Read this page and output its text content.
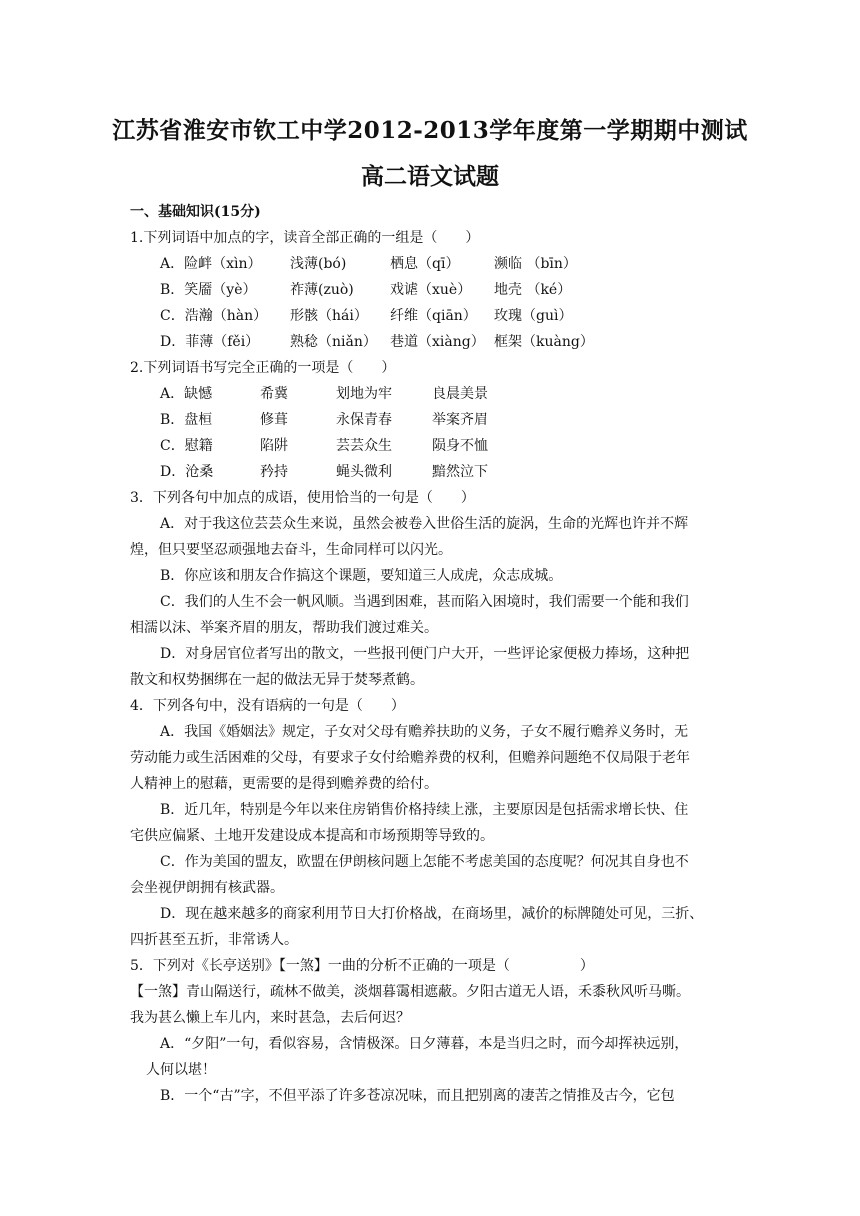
江苏省淮安市钦工中学2012-2013学年度第一学期期中测试
高二语文试题
一、基础知识(15分)
1.下列词语中加点的字，读音全部正确的一组是（　　）
A．险衅（xìn） 浅薄(bó)	栖息（qī） 濒临 （bīn）
B．笑靥（yè） 祚薄(zuò)	戏谑（xuè） 地壳 （ké）
C．浩瀚（hàn） 形骸（hái） 纤维（qiān） 玫瑰（guì）
D．菲薄（fěi） 熟稔（niǎn） 巷道（xiàng） 框架（kuàng）
2.下列词语书写完全正确的一项是（　　）
A．缺憾	希冀	划地为牢	良晨美景
B．盘桓	修葺	永保青春	举案齐眉
C．慰籍	陷阱	芸芸众生	陨身不恤
D．沧桑	矜持	蝇头微利	黯然泣下
3．下列各句中加点的成语，使用恰当的一句是（　　）
A．对于我这位芸芸众生来说，虽然会被卷入世俗生活的旋涡，生命的光辉也许并不辉
煌，但只要坚忍顽强地去奋斗，生命同样可以闪光。
B．你应该和朋友合作搞这个课题，要知道三人成虎，众志成城。
C．我们的人生不会一帆风顺。当遇到困难，甚而陷入困境时，我们需要一个能和我们
相濡以沫、举案齐眉的朋友，帮助我们渡过难关。
D．对身居官位者写出的散文，一些报刊便门户大开，一些评论家便极力捧场，这种把
散文和权势捆绑在一起的做法无异于焚琴煮鹤。
4．下列各句中，没有语病的一句是（　　）
A．我国《婚姻法》规定，子女对父母有赡养扶助的义务，子女不履行赡养义务时，无
劳动能力或生活困难的父母，有要求子女付给赡养费的权利，但赡养问题绝不仅局限于老年
人精神上的慰藉，更需要的是得到赡养费的给付。
B．近几年，特别是今年以来住房销售价格持续上涨，主要原因是包括需求增长快、住
宅供应偏紧、土地开发建设成本提高和市场预期等导致的。
C．作为美国的盟友，欧盟在伊朗核问题上怎能不考虑美国的态度呢？何况其自身也不
会坐视伊朗拥有核武器。
D．现在越来越多的商家利用节日大打价格战，在商场里，减价的标牌随处可见，三折、
四折甚至五折，非常诱人。
5．下列对《长亭送别》【一煞】一曲的分析不正确的一项是（　　　　　）
【一煞】青山隔送行，疏林不做美，淡烟暮霭相遮蔽。夕阳古道无人语，禾黍秋风听马嘶。
我为甚么懒上车儿内，来时甚急，去后何迟？
A．“夕阳”一句，看似容易，含情极深。日夕薄暮，本是当归之时，而今却挥袂远别，
人何以堪！
B．一个“古”字，不但平添了许多苍凉况味，而且把别离的凄苦之情推及古今，它包
